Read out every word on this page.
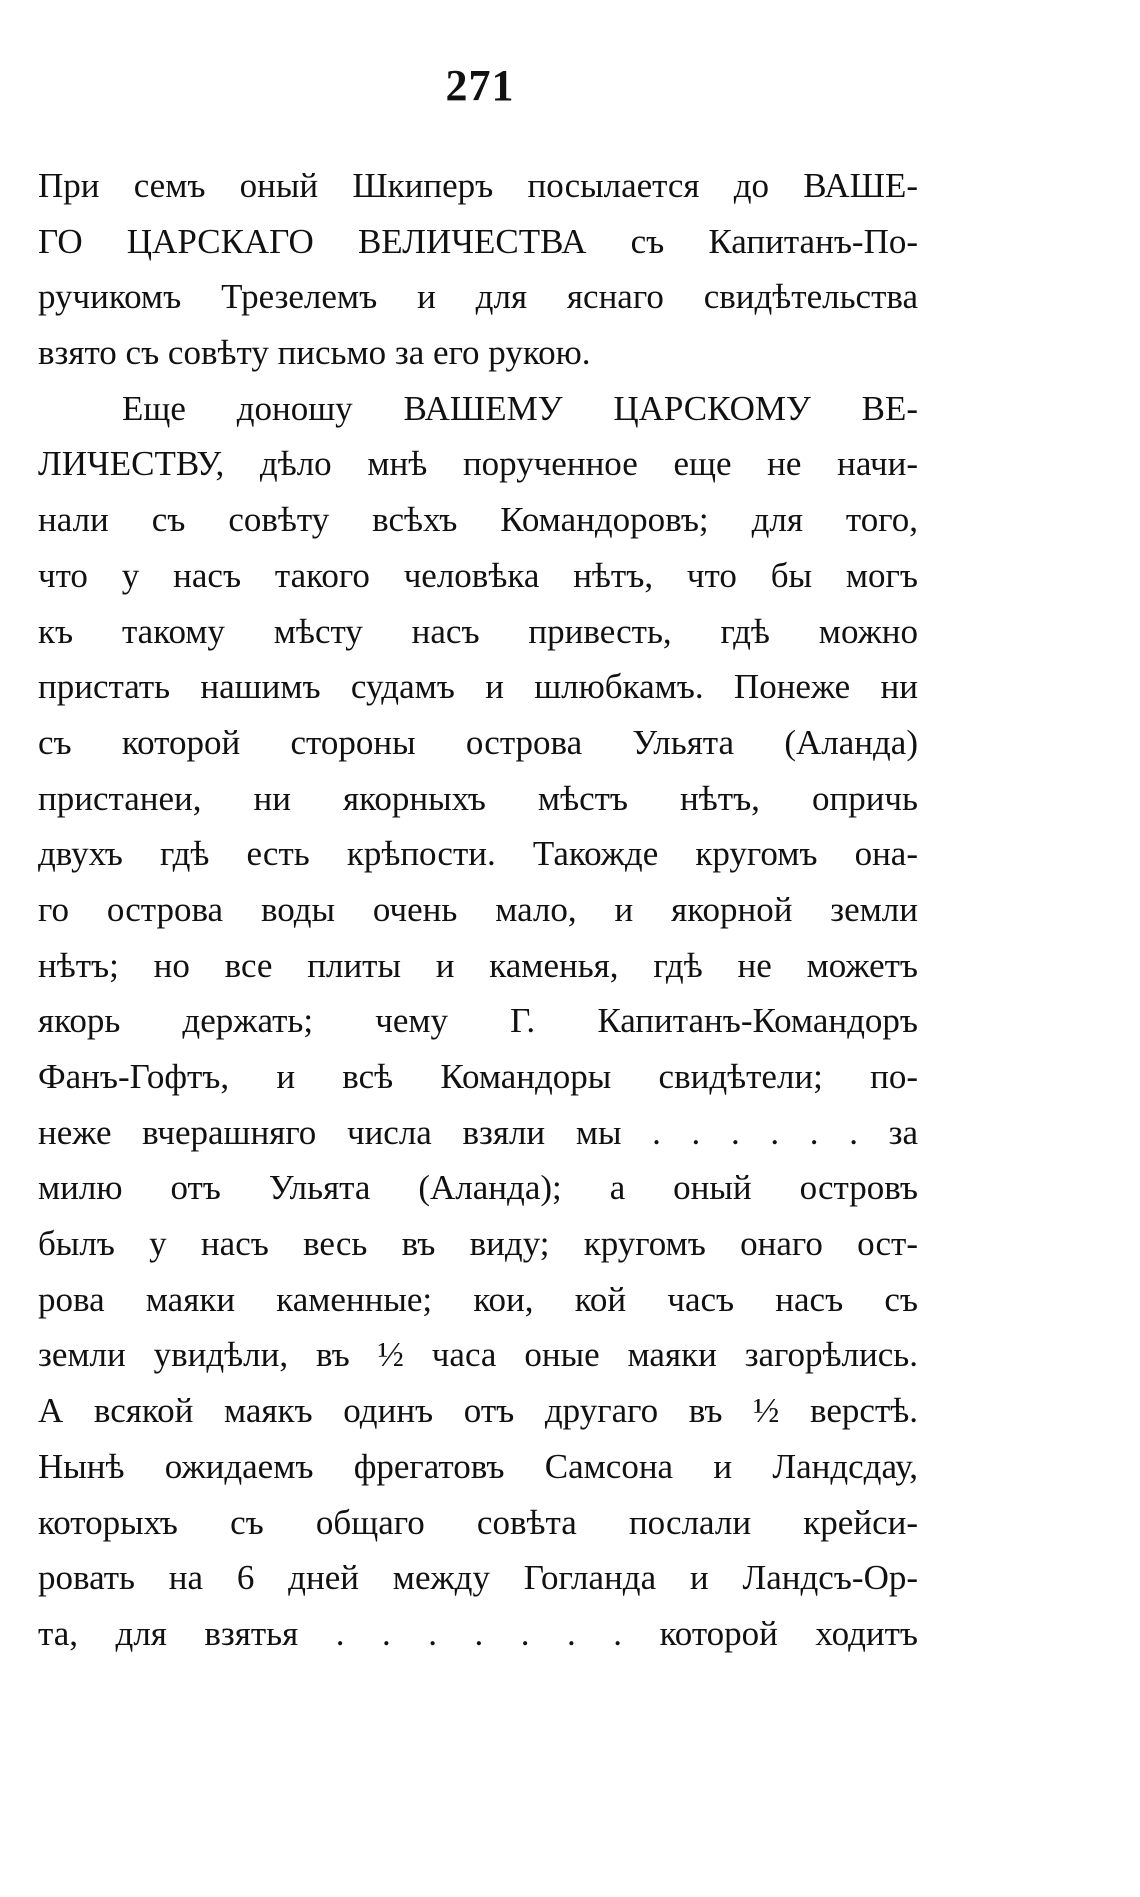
271
При семъ оный Шкиперъ посылается до ВАШЕ-
ГО ЦАРСКАГО ВЕЛИЧЕСТВА съ Капитанъ-По-
ручикомъ Трезелемъ и для яснаго свидѣтельства
взято съ совѣту письмо за его рукою.
Еще доношу ВАШЕМУ ЦАРСКОМУ ВЕ-
ЛИЧЕСТВУ, дѣло мнѣ порученное еще не начи-
нали съ совѣту всѣхъ Командоровъ; для того,
что у насъ такого человѣка нѣтъ, что бы могъ
къ такому мѣсту насъ привесть, гдѣ можно
пристать нашимъ судамъ и шлюбкамъ. Понеже ни
съ которой стороны острова Ульята (Аланда)
пристанеи, ни якорныхъ мѣстъ нѣтъ, опричь
двухъ гдѣ есть крѣпости. Такожде кругомъ она-
го острова воды очень мало, и якорной земли
нѣтъ; но все плиты и каменья, гдѣ не можетъ
якорь держать; чему Г. Капитанъ-Командоръ
Фанъ-Гофтъ, и всѣ Командоры свидѣтели; по-
неже вчерашняго числа взяли мы . . . . . . за
милю отъ Ульята (Аланда); а оный островъ
былъ у насъ весь въ виду; кругомъ онаго ост-
рова маяки каменные; кои, кой часъ насъ съ
земли увидѣли, въ ½ часа оные маяки загорѣлись.
А всякой маякъ одинъ отъ другаго въ ½ верстѣ.
Нынѣ ожидаемъ фрегатовъ Самсона и Ландсдау,
которыхъ съ общаго совѣта послали крейси-
ровать на 6 дней между Гогланда и Ландсъ-Ор-
та, для взятья . . . . . . . которой ходитъ
